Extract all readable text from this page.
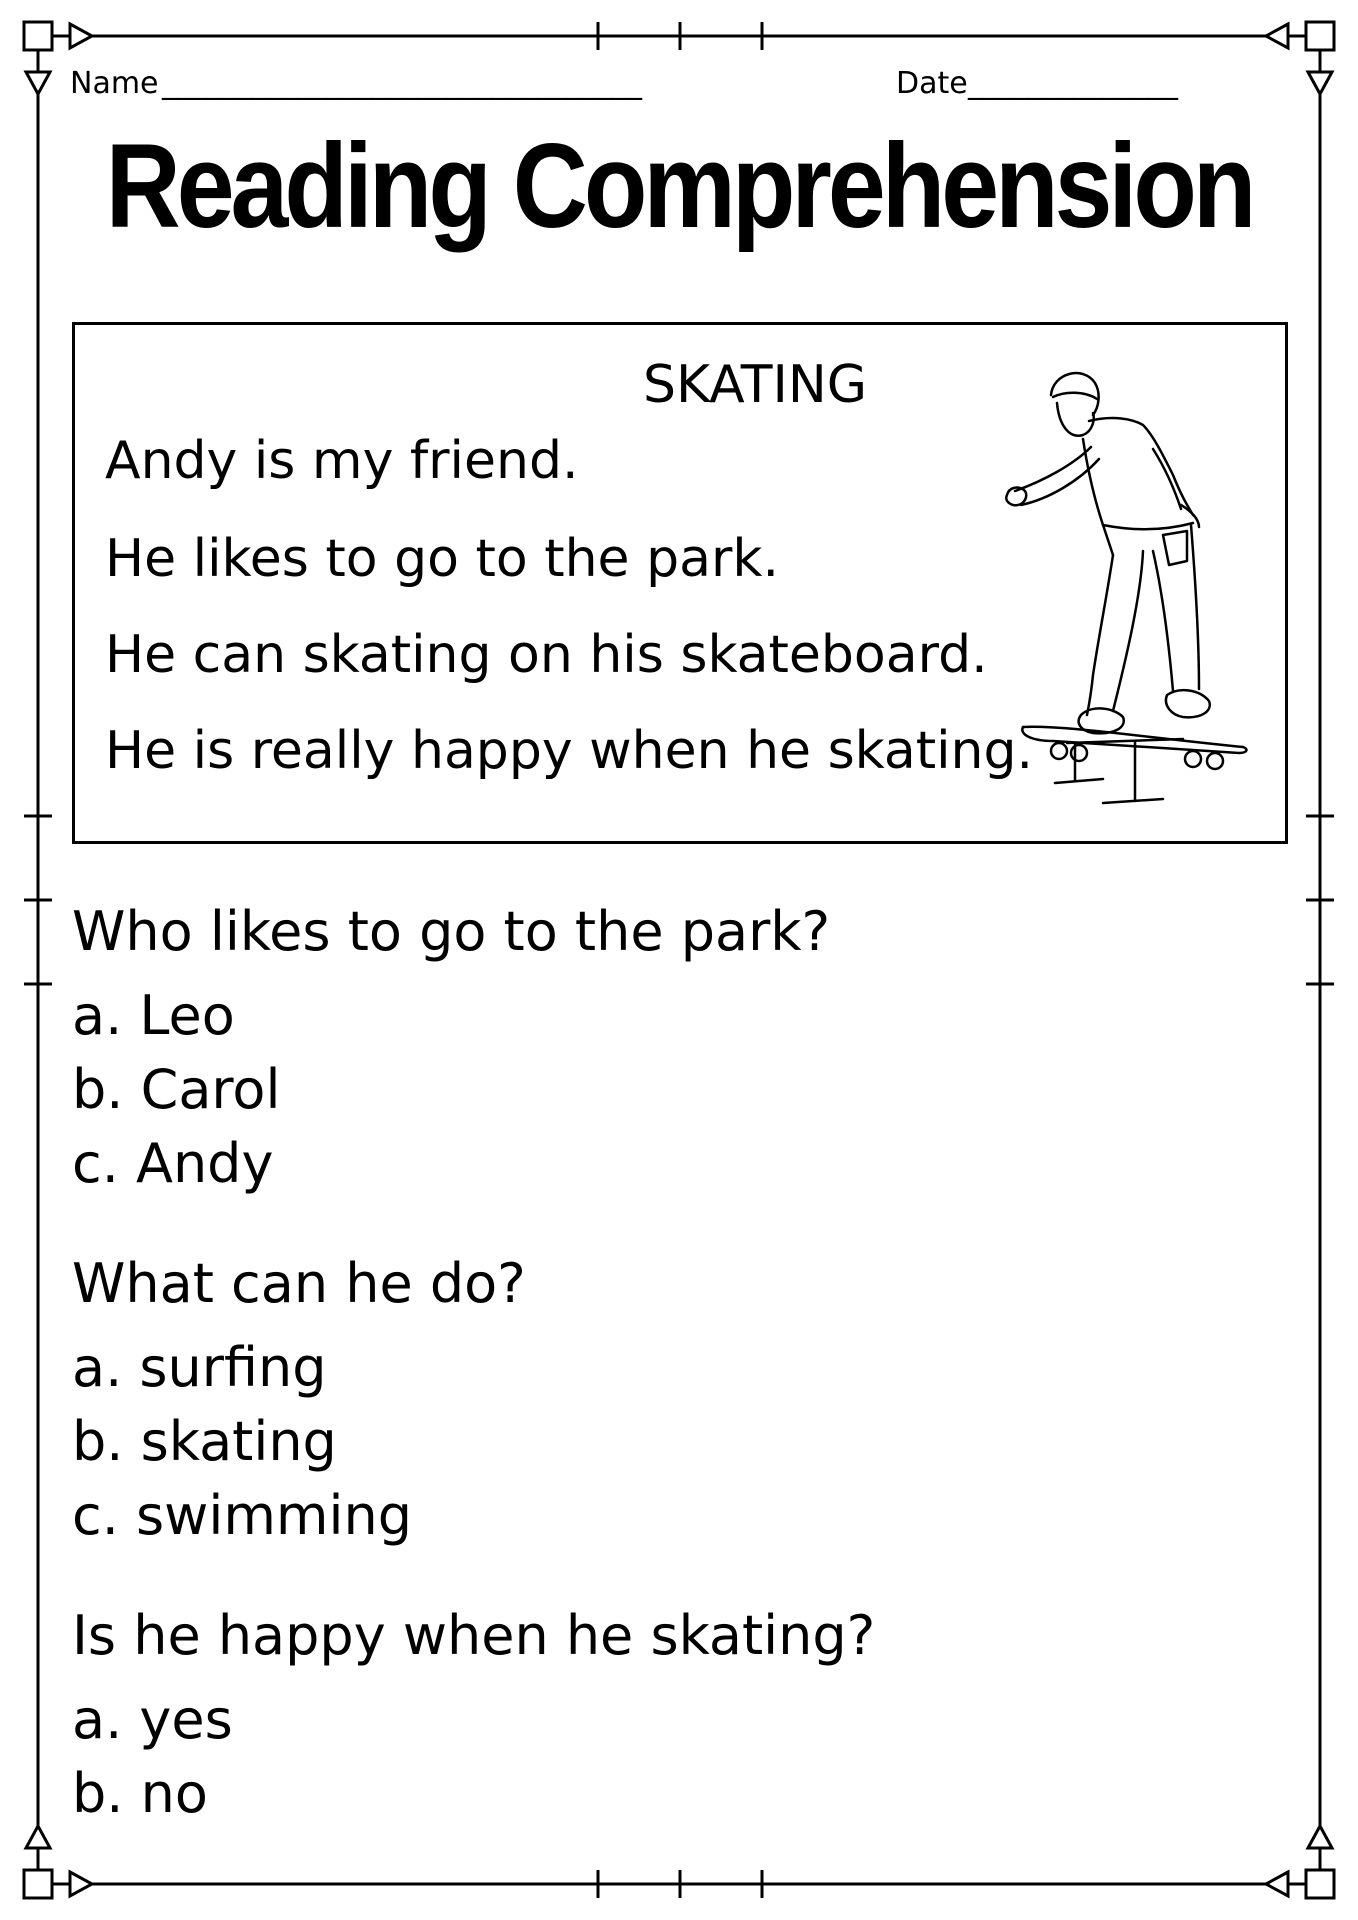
Name ________________________________	Date ______________
Reading Comprehension
SKATING
Andy is my friend.
He likes to go to the park.
He can skating on his skateboard.
He is really happy when he skating.
Who likes to go to the park?
a. Leo
b. Carol
c. Andy
What can he do?
a. surfing
b. skating
c. swimming
Is he happy when he skating?
a. yes
b. no
